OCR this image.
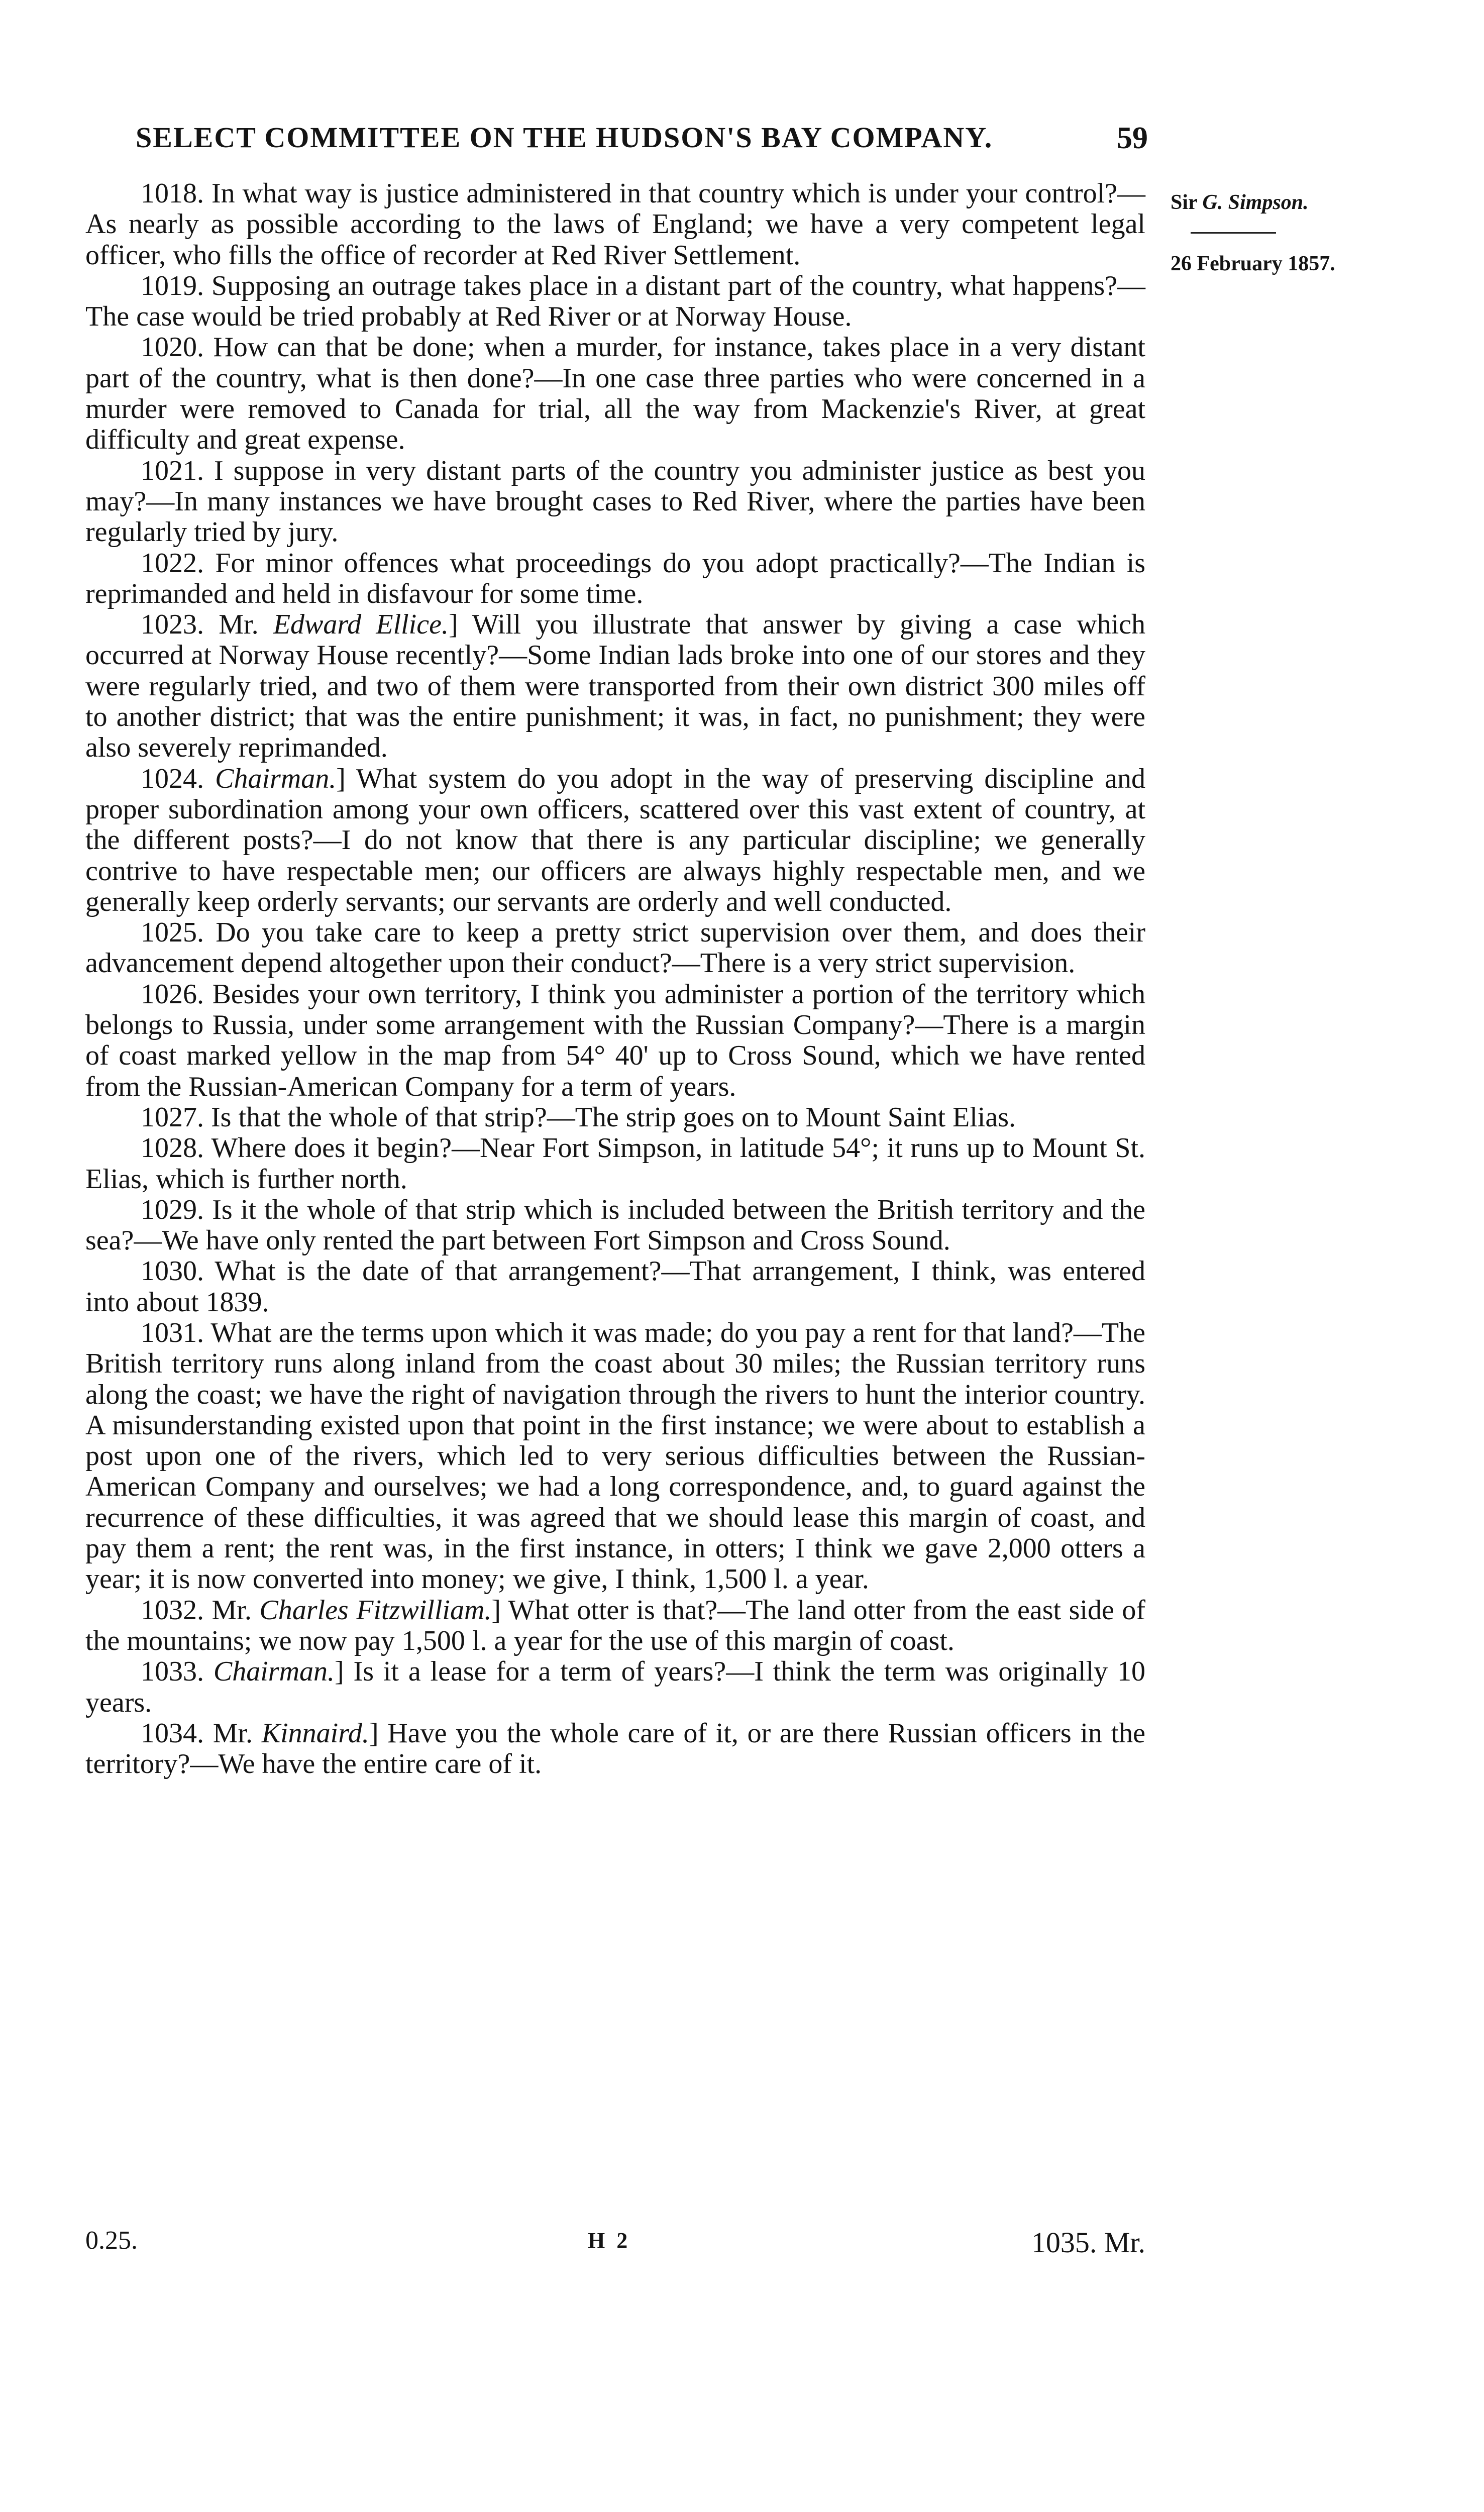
SELECT COMMITTEE ON THE HUDSON'S BAY COMPANY.	59
Sir G. Simpson.
26 February 1857.

1018. In what way is justice administered in that country which is under your control?—As nearly as possible according to the laws of England; we have a very competent legal officer, who fills the office of recorder at Red River Settlement.

1019. Supposing an outrage takes place in a distant part of the country, what happens?—The case would be tried probably at Red River or at Norway House.

1020. How can that be done; when a murder, for instance, takes place in a very distant part of the country, what is then done?—In one case three parties who were concerned in a murder were removed to Canada for trial, all the way from Mackenzie's River, at great difficulty and great expense.

1021. I suppose in very distant parts of the country you administer justice as best you may?—In many instances we have brought cases to Red River, where the parties have been regularly tried by jury.

1022. For minor offences what proceedings do you adopt practically?—The Indian is reprimanded and held in disfavour for some time.

1023. Mr. Edward Ellice.] Will you illustrate that answer by giving a case which occurred at Norway House recently?—Some Indian lads broke into one of our stores and they were regularly tried, and two of them were transported from their own district 300 miles off to another district; that was the entire punishment; it was, in fact, no punishment; they were also severely reprimanded.

1024. Chairman.] What system do you adopt in the way of preserving discipline and proper subordination among your own officers, scattered over this vast extent of country, at the different posts?—I do not know that there is any particular discipline; we generally contrive to have respectable men; our officers are always highly respectable men, and we generally keep orderly servants; our servants are orderly and well conducted.

1025. Do you take care to keep a pretty strict supervision over them, and does their advancement depend altogether upon their conduct?—There is a very strict supervision.

1026. Besides your own territory, I think you administer a portion of the territory which belongs to Russia, under some arrangement with the Russian Company?—There is a margin of coast marked yellow in the map from 54° 40' up to Cross Sound, which we have rented from the Russian-American Company for a term of years.

1027. Is that the whole of that strip?—The strip goes on to Mount Saint Elias.

1028. Where does it begin?—Near Fort Simpson, in latitude 54°; it runs up to Mount St. Elias, which is further north.

1029. Is it the whole of that strip which is included between the British territory and the sea?—We have only rented the part between Fort Simpson and Cross Sound.

1030. What is the date of that arrangement?—That arrangement, I think, was entered into about 1839.

1031. What are the terms upon which it was made; do you pay a rent for that land?—The British territory runs along inland from the coast about 30 miles; the Russian territory runs along the coast; we have the right of navigation through the rivers to hunt the interior country. A misunderstanding existed upon that point in the first instance; we were about to establish a post upon one of the rivers, which led to very serious difficulties between the Russian-American Company and ourselves; we had a long correspondence, and, to guard against the recurrence of these difficulties, it was agreed that we should lease this margin of coast, and pay them a rent; the rent was, in the first instance, in otters; I think we gave 2,000 otters a year; it is now converted into money; we give, I think, 1,500 l. a year.

1032. Mr. Charles Fitzwilliam.] What otter is that?—The land otter from the east side of the mountains; we now pay 1,500 l. a year for the use of this margin of coast.

1033. Chairman.] Is it a lease for a term of years?—I think the term was originally 10 years.

1034. Mr. Kinnaird.] Have you the whole care of it, or are there Russian officers in the territory?—We have the entire care of it.

0.25.	H 2	1035. Mr.
